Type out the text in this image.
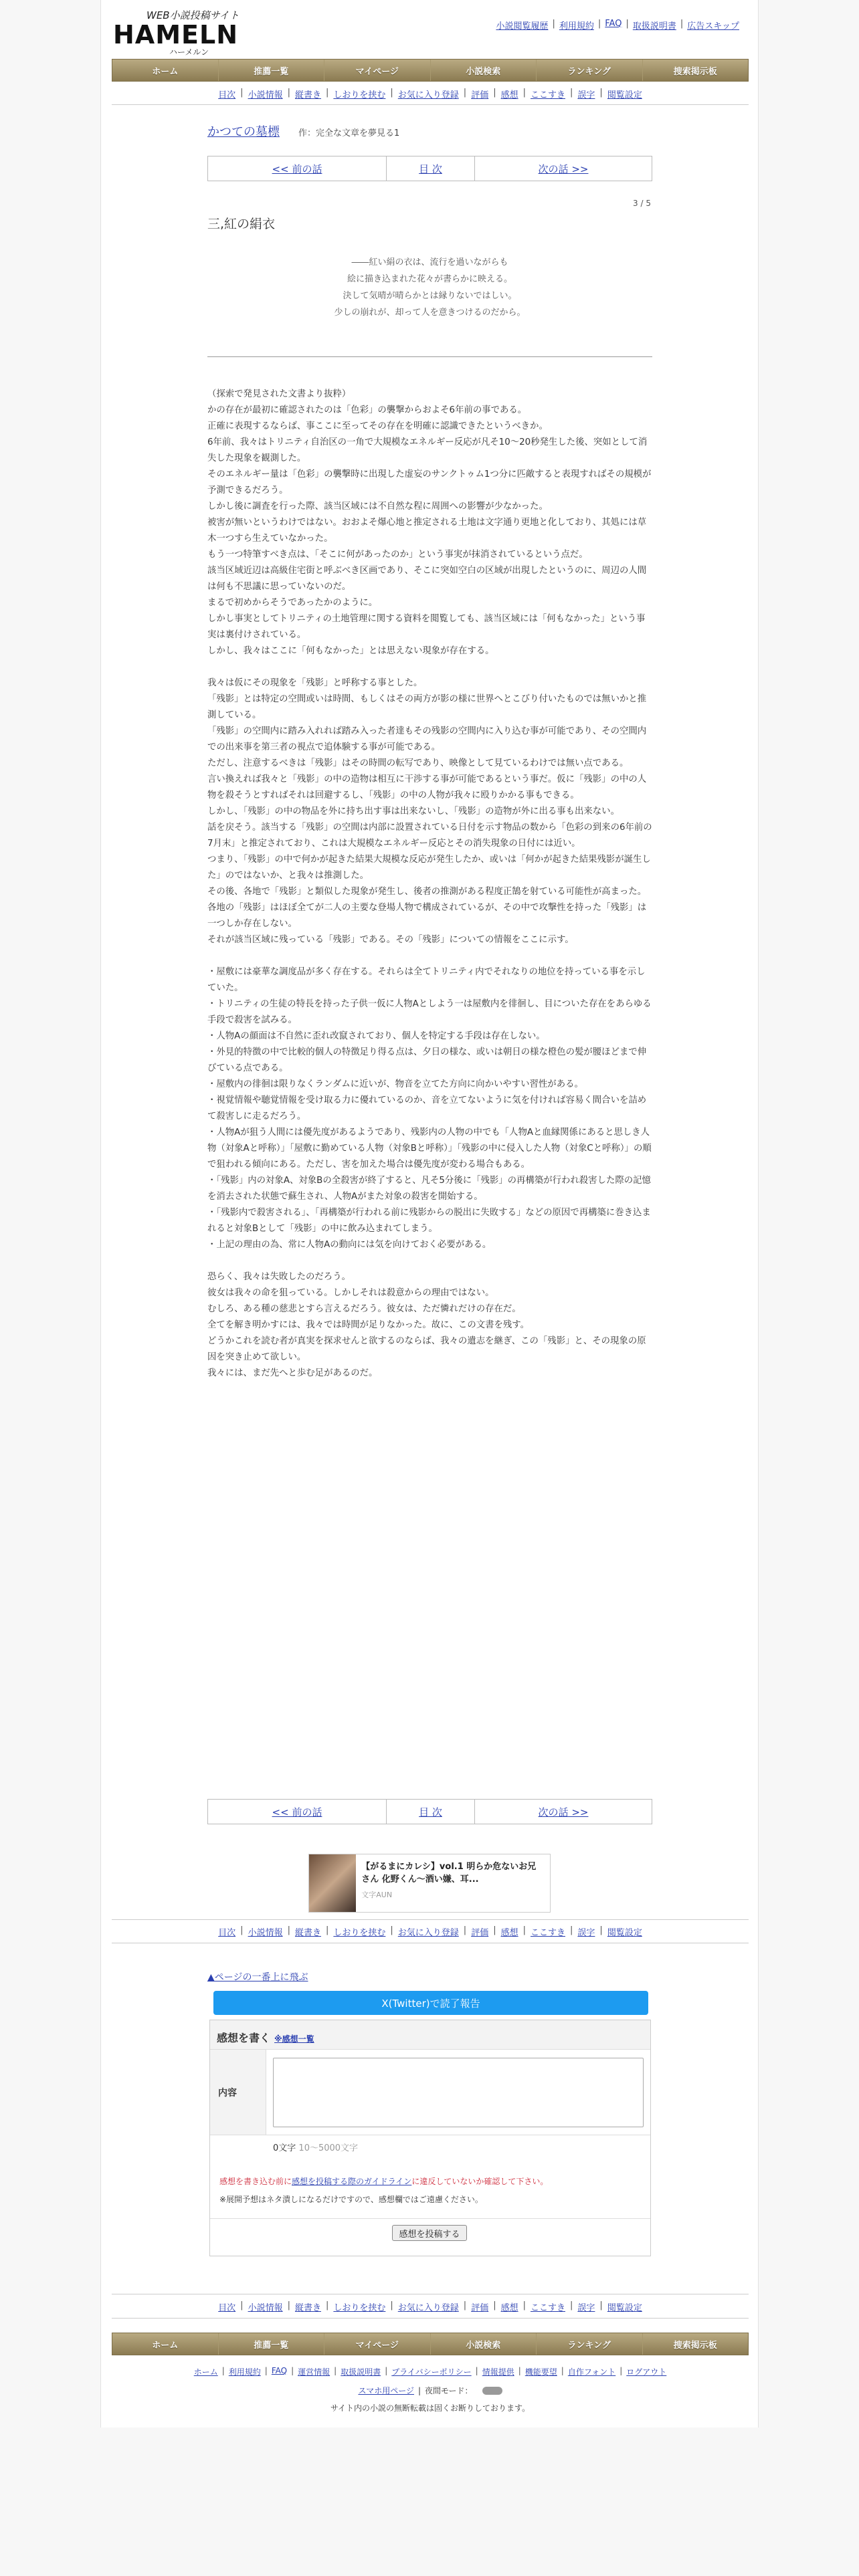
WEB小説投稿サイト
HAMELN
ハーメルン
小説閲覧履歴 | 利用規約 | FAQ | 取扱説明書 | 広告スキップ
ホーム	推薦一覧	マイページ	小説検索	ランキング	捜索掲示板
目次 | 小説情報 | 縦書き | しおりを挟む | お気に入り登録 | 評価 | 感想 | ここすき | 誤字 | 閲覧設定
かつての墓標 作：完全な文章を夢見る1
<< 前の話	目 次	次の話 >>
3 / 5
三,紅の絹衣

――紅い絹の衣は、流行を過いながらも

絵に描き込まれた花々が書らかに映える。

決して気晴が晴らかとは縁りないではしい。

少しの崩れが、却って人を意きつけるのだから。

（探索で発見された文書より抜粋）

かの存在が最初に確認されたのは「色彩」の襲撃からおよそ6年前の事である。

正確に表現するならば、事ここに至ってその存在を明確に認識できたというべきか。

6年前、我々はトリニティ自治区の一角で大規模なエネルギー反応が凡そ10～20秒発生した後、突如として消失した現象を観測した。

そのエネルギー量は「色彩」の襲撃時に出現した虚妄のサンクトゥム1つ分に匹敵すると表現すればその規模が予測できるだろう。

しかし後に調査を行った際、該当区域には不自然な程に周囲への影響が少なかった。

被害が無いというわけではない。おおよそ爆心地と推定される土地は文字通り更地と化しており、其処には草木一つすら生えていなかった。

もう一つ特筆すべき点は、「そこに何があったのか」という事実が抹消されているという点だ。

該当区域近辺は高級住宅街と呼ぶべき区画であり、そこに突如空白の区域が出現したというのに、周辺の人間は何も不思議に思っていないのだ。

まるで初めからそうであったかのように。

しかし事実としてトリニティの土地管理に関する資料を閲覧しても、該当区域には「何もなかった」という事実は裏付けされている。

しかし、我々はここに「何もなかった」とは思えない現象が存在する。

我々は仮にその現象を「残影」と呼称する事とした。

「残影」とは特定の空間或いは時間、もしくはその両方が影の様に世界へとこびり付いたものでは無いかと推測している。

「残影」の空間内に踏み入れれば踏み入った者達もその残影の空間内に入り込む事が可能であり、その空間内での出来事を第三者の視点で追体験する事が可能である。

ただし、注意するべきは「残影」はその時間の転写であり、映像として見ているわけでは無い点である。

言い換えれば我々と「残影」の中の造物は相互に干渉する事が可能であるという事だ。仮に「残影」の中の人物を殺そうとすればそれは回避するし、「残影」の中の人物が我々に殴りかかる事もできる。

しかし、「残影」の中の物品を外に持ち出す事は出来ないし、「残影」の造物が外に出る事も出来ない。

話を戻そう。該当する「残影」の空間は内部に設置されている日付を示す物品の数から「色彩の到来の6年前の7月末」と推定されており、これは大規模なエネルギー反応とその消失現象の日付には近い。

つまり、「残影」の中で何かが起きた結果大規模な反応が発生したか、或いは「何かが起きた結果残影が誕生した」のではないか、と我々は推測した。

その後、各地で「残影」と類似した現象が発生し、後者の推測がある程度正鵠を射ている可能性が高まった。

各地の「残影」はほぼ全てが二人の主要な登場人物で構成されているが、その中で攻撃性を持った「残影」は一つしか存在しない。

それが該当区域に残っている「残影」である。その「残影」についての情報をここに示す。

・屋敷には豪華な調度品が多く存在する。それらは全てトリニティ内でそれなりの地位を持っている事を示していた。

・トリニティの生徒の特長を持った子供一仮に人物Aとしよう一は屋敷内を徘徊し、目についた存在をあらゆる手段で殺害を試みる。

・人物Aの顔面は不自然に歪れ改竄されており、個人を特定する手段は存在しない。

・外見的特徴の中で比較的個人の特徴足り得る点は、夕日の様な、或いは朝日の様な橙色の髪が腰ほどまで伸びている点である。

・屋敷内の徘徊は限りなくランダムに近いが、物音を立てた方向に向かいやすい習性がある。

・視覚情報や聴覚情報を受け取る力に優れているのか、音を立てないように気を付ければ容易く間合いを詰めて殺害しに走るだろう。

・人物Aが狙う人間には優先度があるようであり、残影内の人物の中でも「人物Aと血縁関係にあると思しき人物（対象Aと呼称）」「屋敷に勤めている人物（対象Bと呼称）」「残影の中に侵入した人物（対象Cと呼称）」の順で狙われる傾向にある。ただし、害を加えた場合は優先度が変わる場合もある。

・「残影」内の対象A、対象Bの全殺害が終了すると、凡そ5分後に「残影」の再構築が行われ殺害した際の記憶を消去された状態で蘇生され、人物Aがまた対象の殺害を開始する。

・「残影内で殺害される」、「再構築が行われる前に残影からの脱出に失敗する」などの原因で再構築に巻き込まれると対象Bとして「残影」の中に飲み込まれてしまう。

・上記の理由の為、常に人物Aの動向には気を向けておく必要がある。

恐らく、我々は失敗したのだろう。

彼女は我々の命を狙っている。しかしそれは殺意からの理由ではない。

むしろ、ある種の慈悲とすら言えるだろう。彼女は、ただ憐れだけの存在だ。

全てを解き明かすには、我々では時間が足りなかった。故に、この文書を残す。

どうかこれを読む者が真実を探求せんと欲するのならば、我々の遺志を継ぎ、この「残影」と、その現象の原因を突き止めて欲しい。

我々には、まだ先へと歩む足があるのだ。

<< 前の話	目 次	次の話 >>
【がるまにカレシ】vol.1 明らか危ないお兄さん 化野くん〜酒い嫌、耳...
文字AUN
目次 | 小説情報 | 縦書き | しおりを挟む | お気に入り登録 | 評価 | 感想 | ここすき | 誤字 | 閲覧設定
▲ページの一番上に飛ぶ
X(Twitter)で読了報告
感想を書く ※感想一覧
内容
0文字 10～5000文字
感想を書き込む前に感想を投稿する際のガイドラインに違反していないか確認して下さい。
※展開予想はネタ潰しになるだけですので、感想欄ではご遠慮ください。
感想を投稿する
目次 | 小説情報 | 縦書き | しおりを挟む | お気に入り登録 | 評価 | 感想 | ここすき | 誤字 | 閲覧設定
ホーム	推薦一覧	マイページ	小説検索	ランキング	捜索掲示板
ホーム | 利用規約 | FAQ | 運営情報 | 取扱説明書 | プライバシーポリシー | 情報提供 | 機能要望 | 自作フォント | ログアウト
スマホ用ページ | 夜間モード：
サイト内の小説の無断転載は固くお断りしております。
